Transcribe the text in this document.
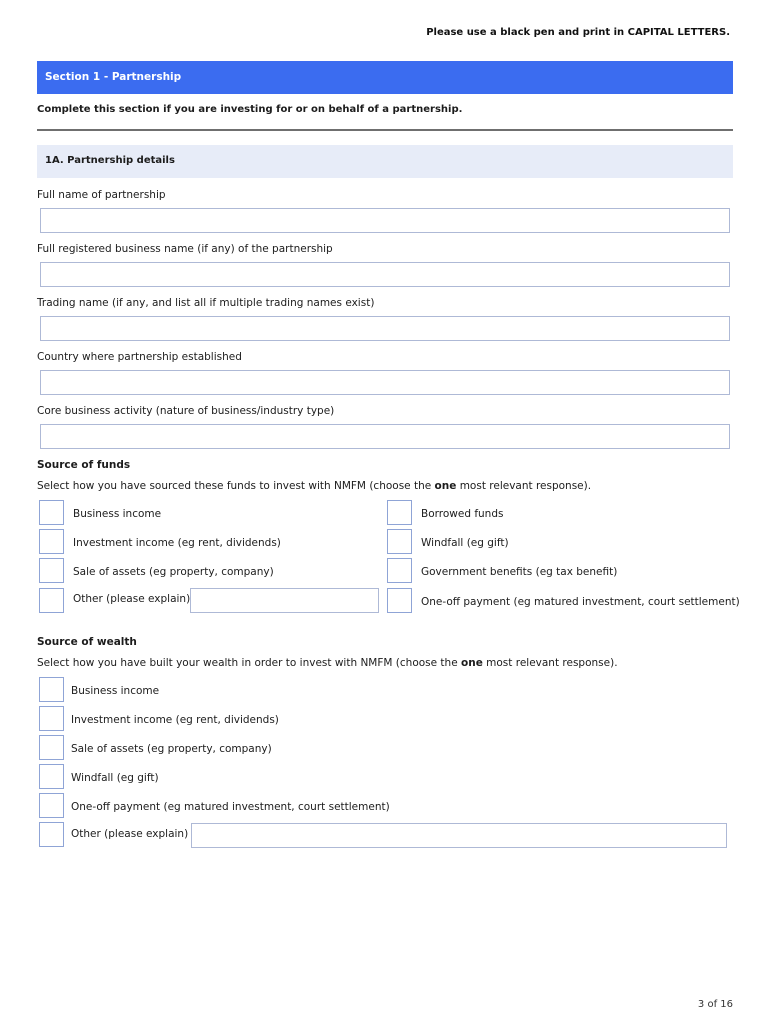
Please use a black pen and print in CAPITAL LETTERS.
Section 1 - Partnership
Complete this section if you are investing for or on behalf of a partnership.
1A. Partnership details
Full name of partnership
Full registered business name (if any) of the partnership
Trading name (if any, and list all if multiple trading names exist)
Country where partnership established
Core business activity (nature of business/industry type)
Source of funds
Select how you have sourced these funds to invest with NMFM (choose the one most relevant response).
Business income
Investment income (eg rent, dividends)
Sale of assets (eg property, company)
Other (please explain)
Borrowed funds
Windfall (eg gift)
Government benefits (eg tax benefit)
One-off payment (eg matured investment, court settlement)
Source of wealth
Select how you have built your wealth in order to invest with NMFM (choose the one most relevant response).
Business income
Investment income (eg rent, dividends)
Sale of assets (eg property, company)
Windfall (eg gift)
One-off payment (eg matured investment, court settlement)
Other (please explain)
3 of 16
